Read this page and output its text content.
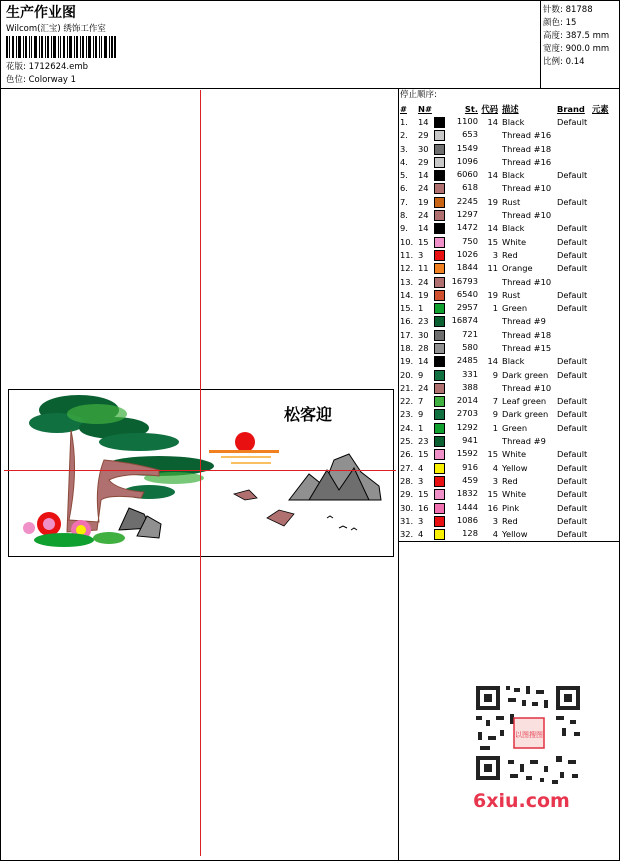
生产作业图
Wilcom(汇宝) 绣饰工作室
花版: 1712624.emb
色位: Colorway 1
针数: 81788
颜色: 15
高度: 387.5 mm
宽度: 900.0 mm
比例: 0.14
停止顺序:
#	N#	St.	代码	描述	Brand	元素
1.	14	1100	14	Black	Default	
2.	29	653		Thread #16		
3.	30	1549		Thread #18		
4.	29	1096		Thread #16		
5.	14	6060	14	Black	Default	
6.	24	618		Thread #10		
7.	19	2245	19	Rust	Default	
8.	24	1297		Thread #10		
9.	14	1472	14	Black	Default	
10.	15	750	15	White	Default	
11.	3	1026	3	Red	Default	
12.	11	1844	11	Orange	Default	
13.	24	16793		Thread #10		
14.	19	6540	19	Rust	Default	
15.	1	2957	1	Green	Default	
16.	23	16874		Thread #9		
17.	30	721		Thread #18		
18.	28	580		Thread #15		
19.	14	2485	14	Black	Default	
20.	9	331	9	Dark green	Default	
21.	24	388		Thread #10		
22.	7	2014	7	Leaf green	Default	
23.	9	2703	9	Dark green	Default	
24.	1	1292	1	Green	Default	
25.	23	941		Thread #9		
26.	15	1592	15	White	Default	
27.	4	916	4	Yellow	Default	
28.	3	459	3	Red	Default	
29.	15	1832	15	White	Default	
30.	16	1444	16	Pink	Default	
31.	3	1086	3	Red	Default	
32.	4	128	4	Yellow	Default	
松客迎
以图搜图
6xiu.com
